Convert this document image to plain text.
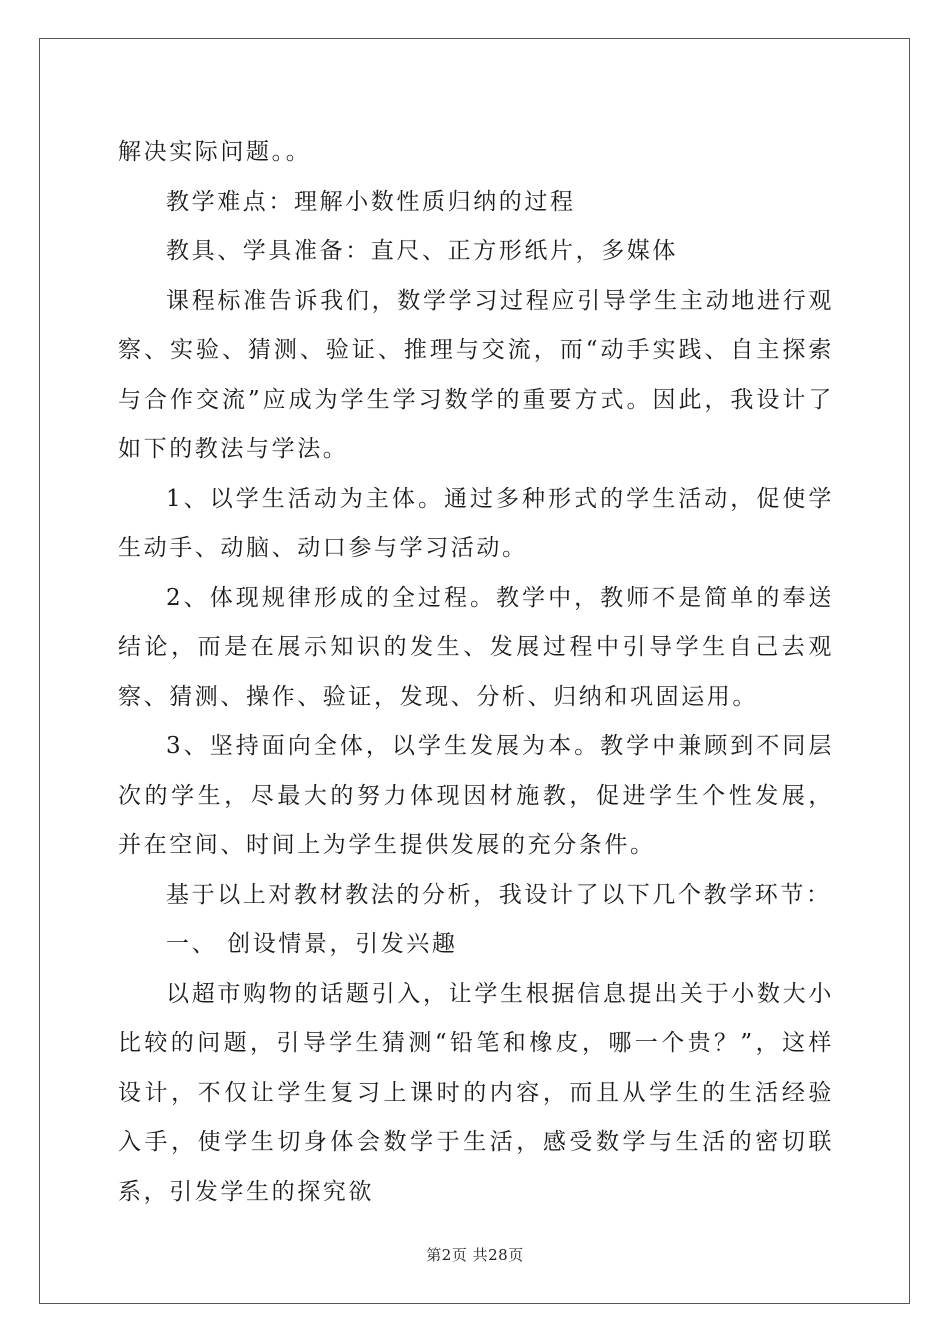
解决实际问题。。

教学难点：理解小数性质归纳的过程

教具、学具准备：直尺、正方形纸片，多媒体

课程标准告诉我们，数学学习过程应引导学生主动地进行观察、实验、猜测、验证、推理与交流，而“动手实践、自主探索与合作交流”应成为学生学习数学的重要方式。因此，我设计了如下的教法与学法。

1、以学生活动为主体。通过多种形式的学生活动，促使学生动手、动脑、动口参与学习活动。

2、体现规律形成的全过程。教学中，教师不是简单的奉送结论，而是在展示知识的发生、发展过程中引导学生自己去观察、猜测、操作、验证，发现、分析、归纳和巩固运用。

3、坚持面向全体，以学生发展为本。教学中兼顾到不同层次的学生，尽最大的努力体现因材施教，促进学生个性发展，并在空间、时间上为学生提供发展的充分条件。

基于以上对教材教法的分析，我设计了以下几个教学环节：

一、 创设情景，引发兴趣

以超市购物的话题引入，让学生根据信息提出关于小数大小比较的问题，引导学生猜测“铅笔和橡皮，哪一个贵？”，这样设计，不仅让学生复习上课时的内容，而且从学生的生活经验入手，使学生切身体会数学于生活，感受数学与生活的密切联系，引发学生的探究欲

第2页 共28页
